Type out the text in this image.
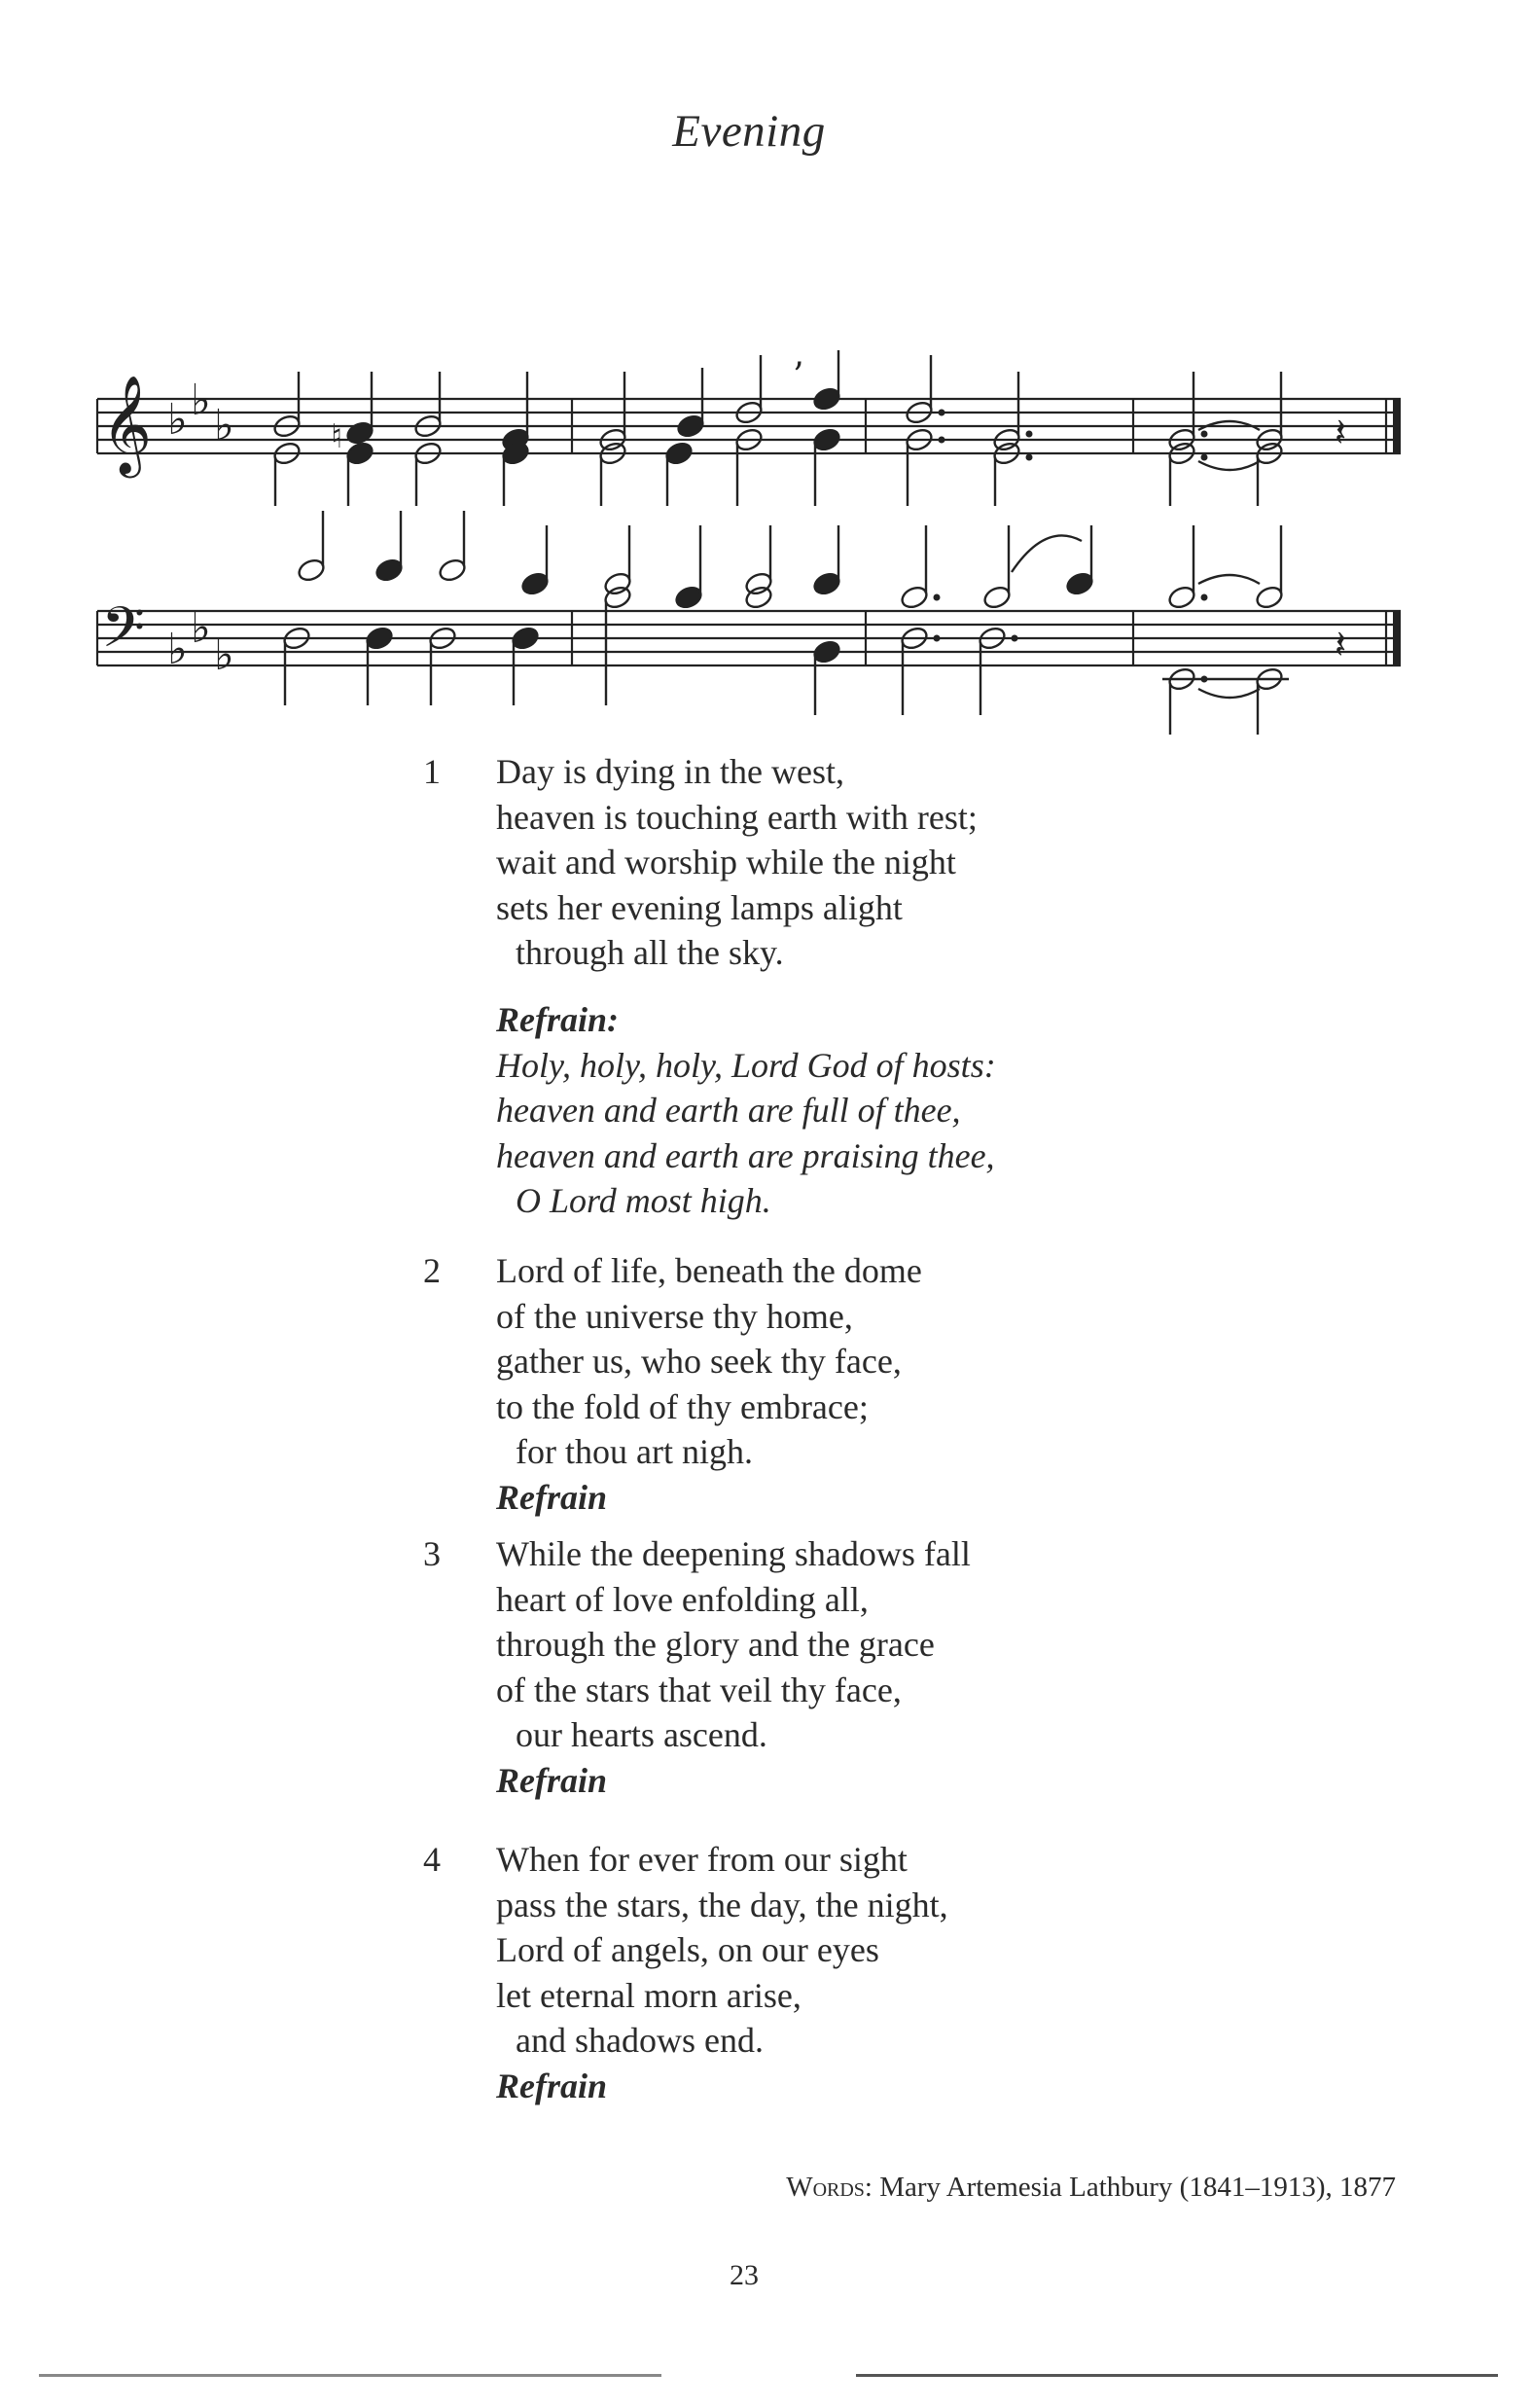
Evening
𝄞
𝄢
♭ ♭
♭
♭ ♭
♭
♮
’
𝄽
𝄽
1	Day is dying in the west,
heaven is touching earth with rest;
wait and worship while the night
sets her evening lamps alight
through all the sky.
Refrain:
Holy, holy, holy, Lord God of hosts:
heaven and earth are full of thee,
heaven and earth are praising thee,
O Lord most high.
2	Lord of life, beneath the dome
of the universe thy home,
gather us, who seek thy face,
to the fold of thy embrace;
for thou art nigh.
Refrain
3	While the deepening shadows fall
heart of love enfolding all,
through the glory and the grace
of the stars that veil thy face,
our hearts ascend.
Refrain
4	When for ever from our sight
pass the stars, the day, the night,
Lord of angels, on our eyes
let eternal morn arise,
and shadows end.
Refrain
Words: Mary Artemesia Lathbury (1841–1913), 1877
23
